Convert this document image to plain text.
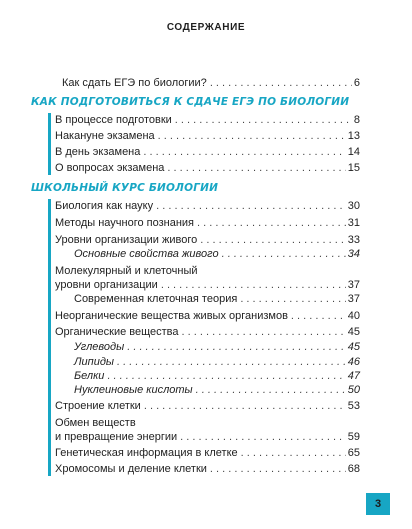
СОДЕРЖАНИЕ
Как сдать ЕГЭ по биологии? . . .	6
КАК ПОДГОТОВИТЬСЯ К СДАЧЕ ЕГЭ ПО БИОЛОГИИ
В процессе подготовки . . .	8
Накануне экзамена . . .	13
В день экзамена . . .	14
О вопросах экзамена . . .	15
ШКОЛЬНЫЙ КУРС БИОЛОГИИ
Биология как науку . . .	30
Методы научного познания . . .	31
Уровни организации живого . . .	33
Основные свойства живого . . .	34
Молекулярный и клеточный
уровни организации . . .	37
Современная клеточная теория . . .	37
Неорганические вещества живых организмов . . .	40
Органические вещества . . .	45
Углеводы . . .	45
Липиды . . .	46
Белки . . .	47
Нуклеиновые кислоты . . .	50
Строение клетки . . .	53
Обмен веществ
и превращение энергии . . .	59
Генетическая информация в клетке . . .	65
Хромосомы и деление клетки . . .	68
3
